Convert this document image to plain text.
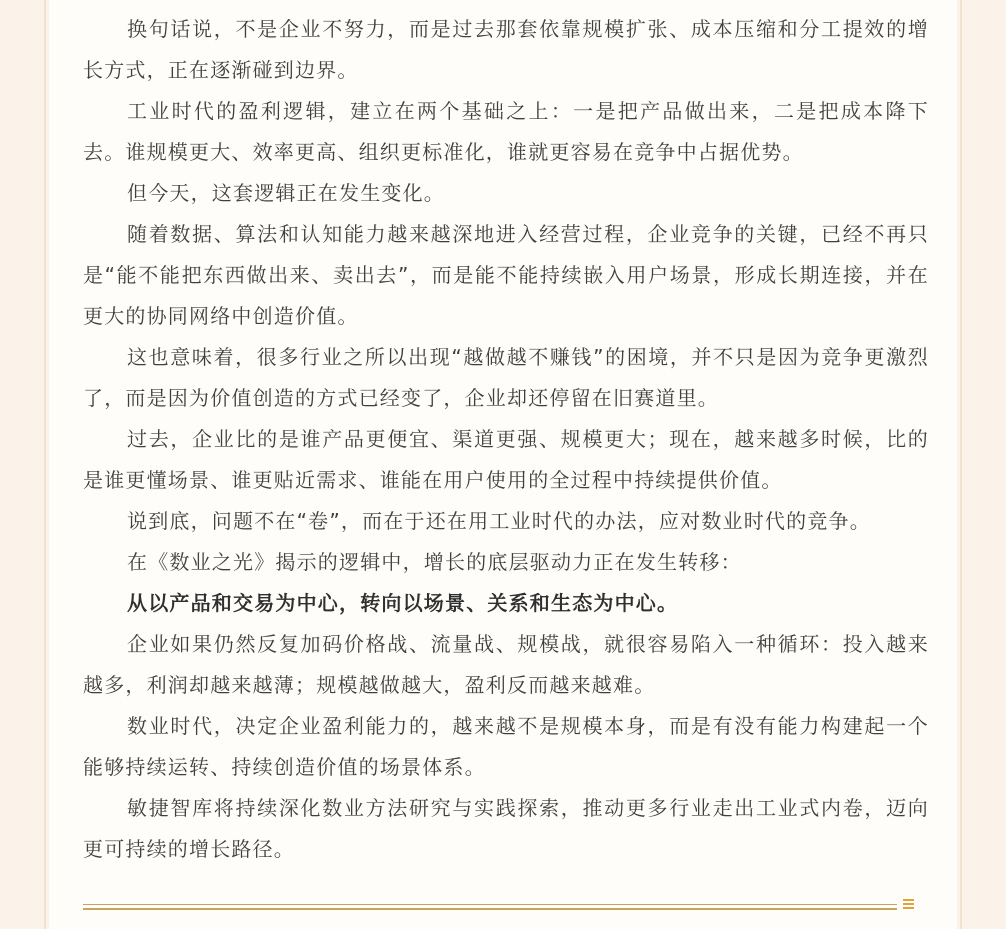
换句话说，不是企业不努力，而是过去那套依靠规模扩张、成本压缩和分工提效的增长方式，正在逐渐碰到边界。

工业时代的盈利逻辑，建立在两个基础之上：一是把产品做出来，二是把成本降下去。谁规模更大、效率更高、组织更标准化，谁就更容易在竞争中占据优势。

但今天，这套逻辑正在发生变化。

随着数据、算法和认知能力越来越深地进入经营过程，企业竞争的关键，已经不再只是“能不能把东西做出来、卖出去”，而是能不能持续嵌入用户场景，形成长期连接，并在更大的协同网络中创造价值。

这也意味着，很多行业之所以出现“越做越不赚钱”的困境，并不只是因为竞争更激烈了，而是因为价值创造的方式已经变了，企业却还停留在旧赛道里。

过去，企业比的是谁产品更便宜、渠道更强、规模更大；现在，越来越多时候，比的是谁更懂场景、谁更贴近需求、谁能在用户使用的全过程中持续提供价值。

说到底，问题不在“卷”，而在于还在用工业时代的办法，应对数业时代的竞争。

在《数业之光》揭示的逻辑中，增长的底层驱动力正在发生转移：

从以产品和交易为中心，转向以场景、关系和生态为中心。

企业如果仍然反复加码价格战、流量战、规模战，就很容易陷入一种循环：投入越来越多，利润却越来越薄；规模越做越大，盈利反而越来越难。

数业时代，决定企业盈利能力的，越来越不是规模本身，而是有没有能力构建起一个能够持续运转、持续创造价值的场景体系。

敏捷智库将持续深化数业方法研究与实践探索，推动更多行业走出工业式内卷，迈向更可持续的增长路径。
